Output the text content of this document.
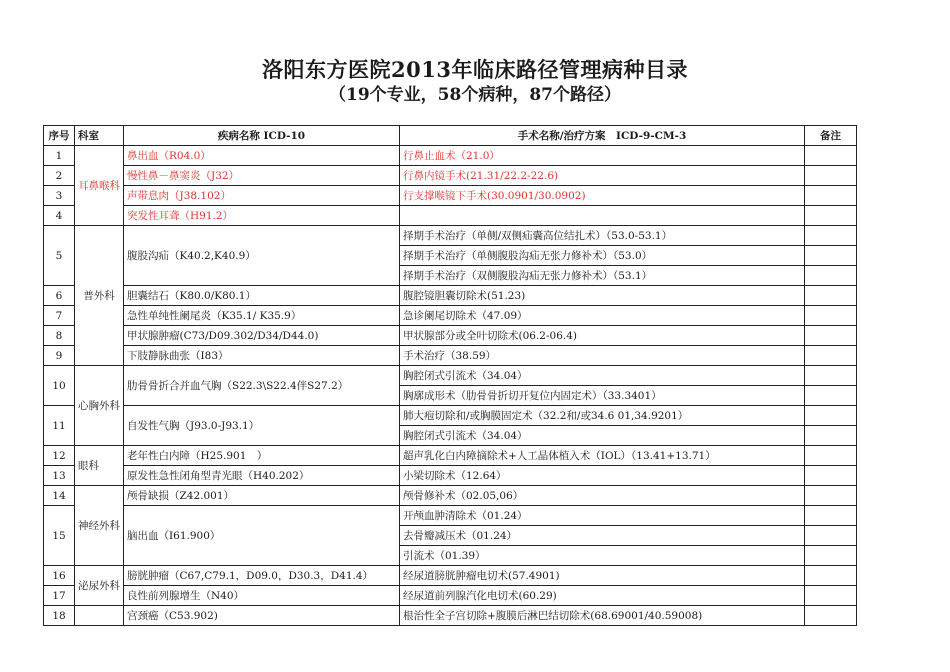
洛阳东方医院2013年临床路径管理病种目录
（19个专业，58个病种，87个路径）
序号	科室	疾病名称 ICD-10	手术名称/治疗方案　ICD-9-CM-3	备注
1	耳鼻喉科	鼻出血（R04.0）	行鼻止血术（21.0）	
2		慢性鼻－鼻窦炎（J32）	行鼻内镜手术(21.31/22.2-22.6)	
3		声带息肉（J38.102）	行支撑喉镜下手术(30.0901/30.0902)	
4		突发性耳聋（H91.2）		
5	普外科	腹股沟疝（K40.2,K40.9）	择期手术治疗（单侧/双侧疝囊高位结扎术）（53.0-53.1）	
			择期手术治疗（单侧腹股沟疝无张力修补术）（53.0）	
			择期手术治疗（双侧腹股沟疝无张力修补术）（53.1）	
6		胆囊结石（K80.0/K80.1）	腹腔镜胆囊切除术(51.23)	
7		急性单纯性阑尾炎（K35.1/ K35.9）	急诊阑尾切除术（47.09）	
8		甲状腺肿瘤(C73/D09.302/D34/D44.0)	甲状腺部分或全叶切除术(06.2-06.4)	
9		下肢静脉曲张（I83）	手术治疗（38.59）	
10	心胸外科	肋骨骨折合并血气胸（S22.3\S22.4伴S27.2）	胸腔闭式引流术（34.04）	
			胸廓成形术（肋骨骨折切开复位内固定术）（33.3401）	
11		自发性气胸（J93.0-J93.1）	肺大疱切除和/或胸膜固定术（32.2和/或34.6 01,34.9201）	
			胸腔闭式引流术（34.04）	
12	眼科	老年性白内障（H25.901　）	超声乳化白内障摘除术+人工晶体植入术（IOL）（13.41+13.71）	
13		原发性急性闭角型青光眼（H40.202）	小梁切除术（12.64）	
14	神经外科	颅骨缺损（Z42.001）	颅骨修补术（02.05,06）	
15		脑出血（I61.900）	开颅血肿清除术（01.24）	
			去骨瓣减压术（01.24）	
			引流术（01.39）	
16	泌尿外科	膀胱肿瘤（C67,C79.1，D09.0，D30.3，D41.4）	经尿道膀胱肿瘤电切术(57.4901)	
17		良性前列腺增生（N40）	经尿道前列腺汽化电切术(60.29)	
18		宫颈癌（C53.902)	根治性全子宫切除+腹膜后淋巴结切除术(68.69001/40.59008)	
